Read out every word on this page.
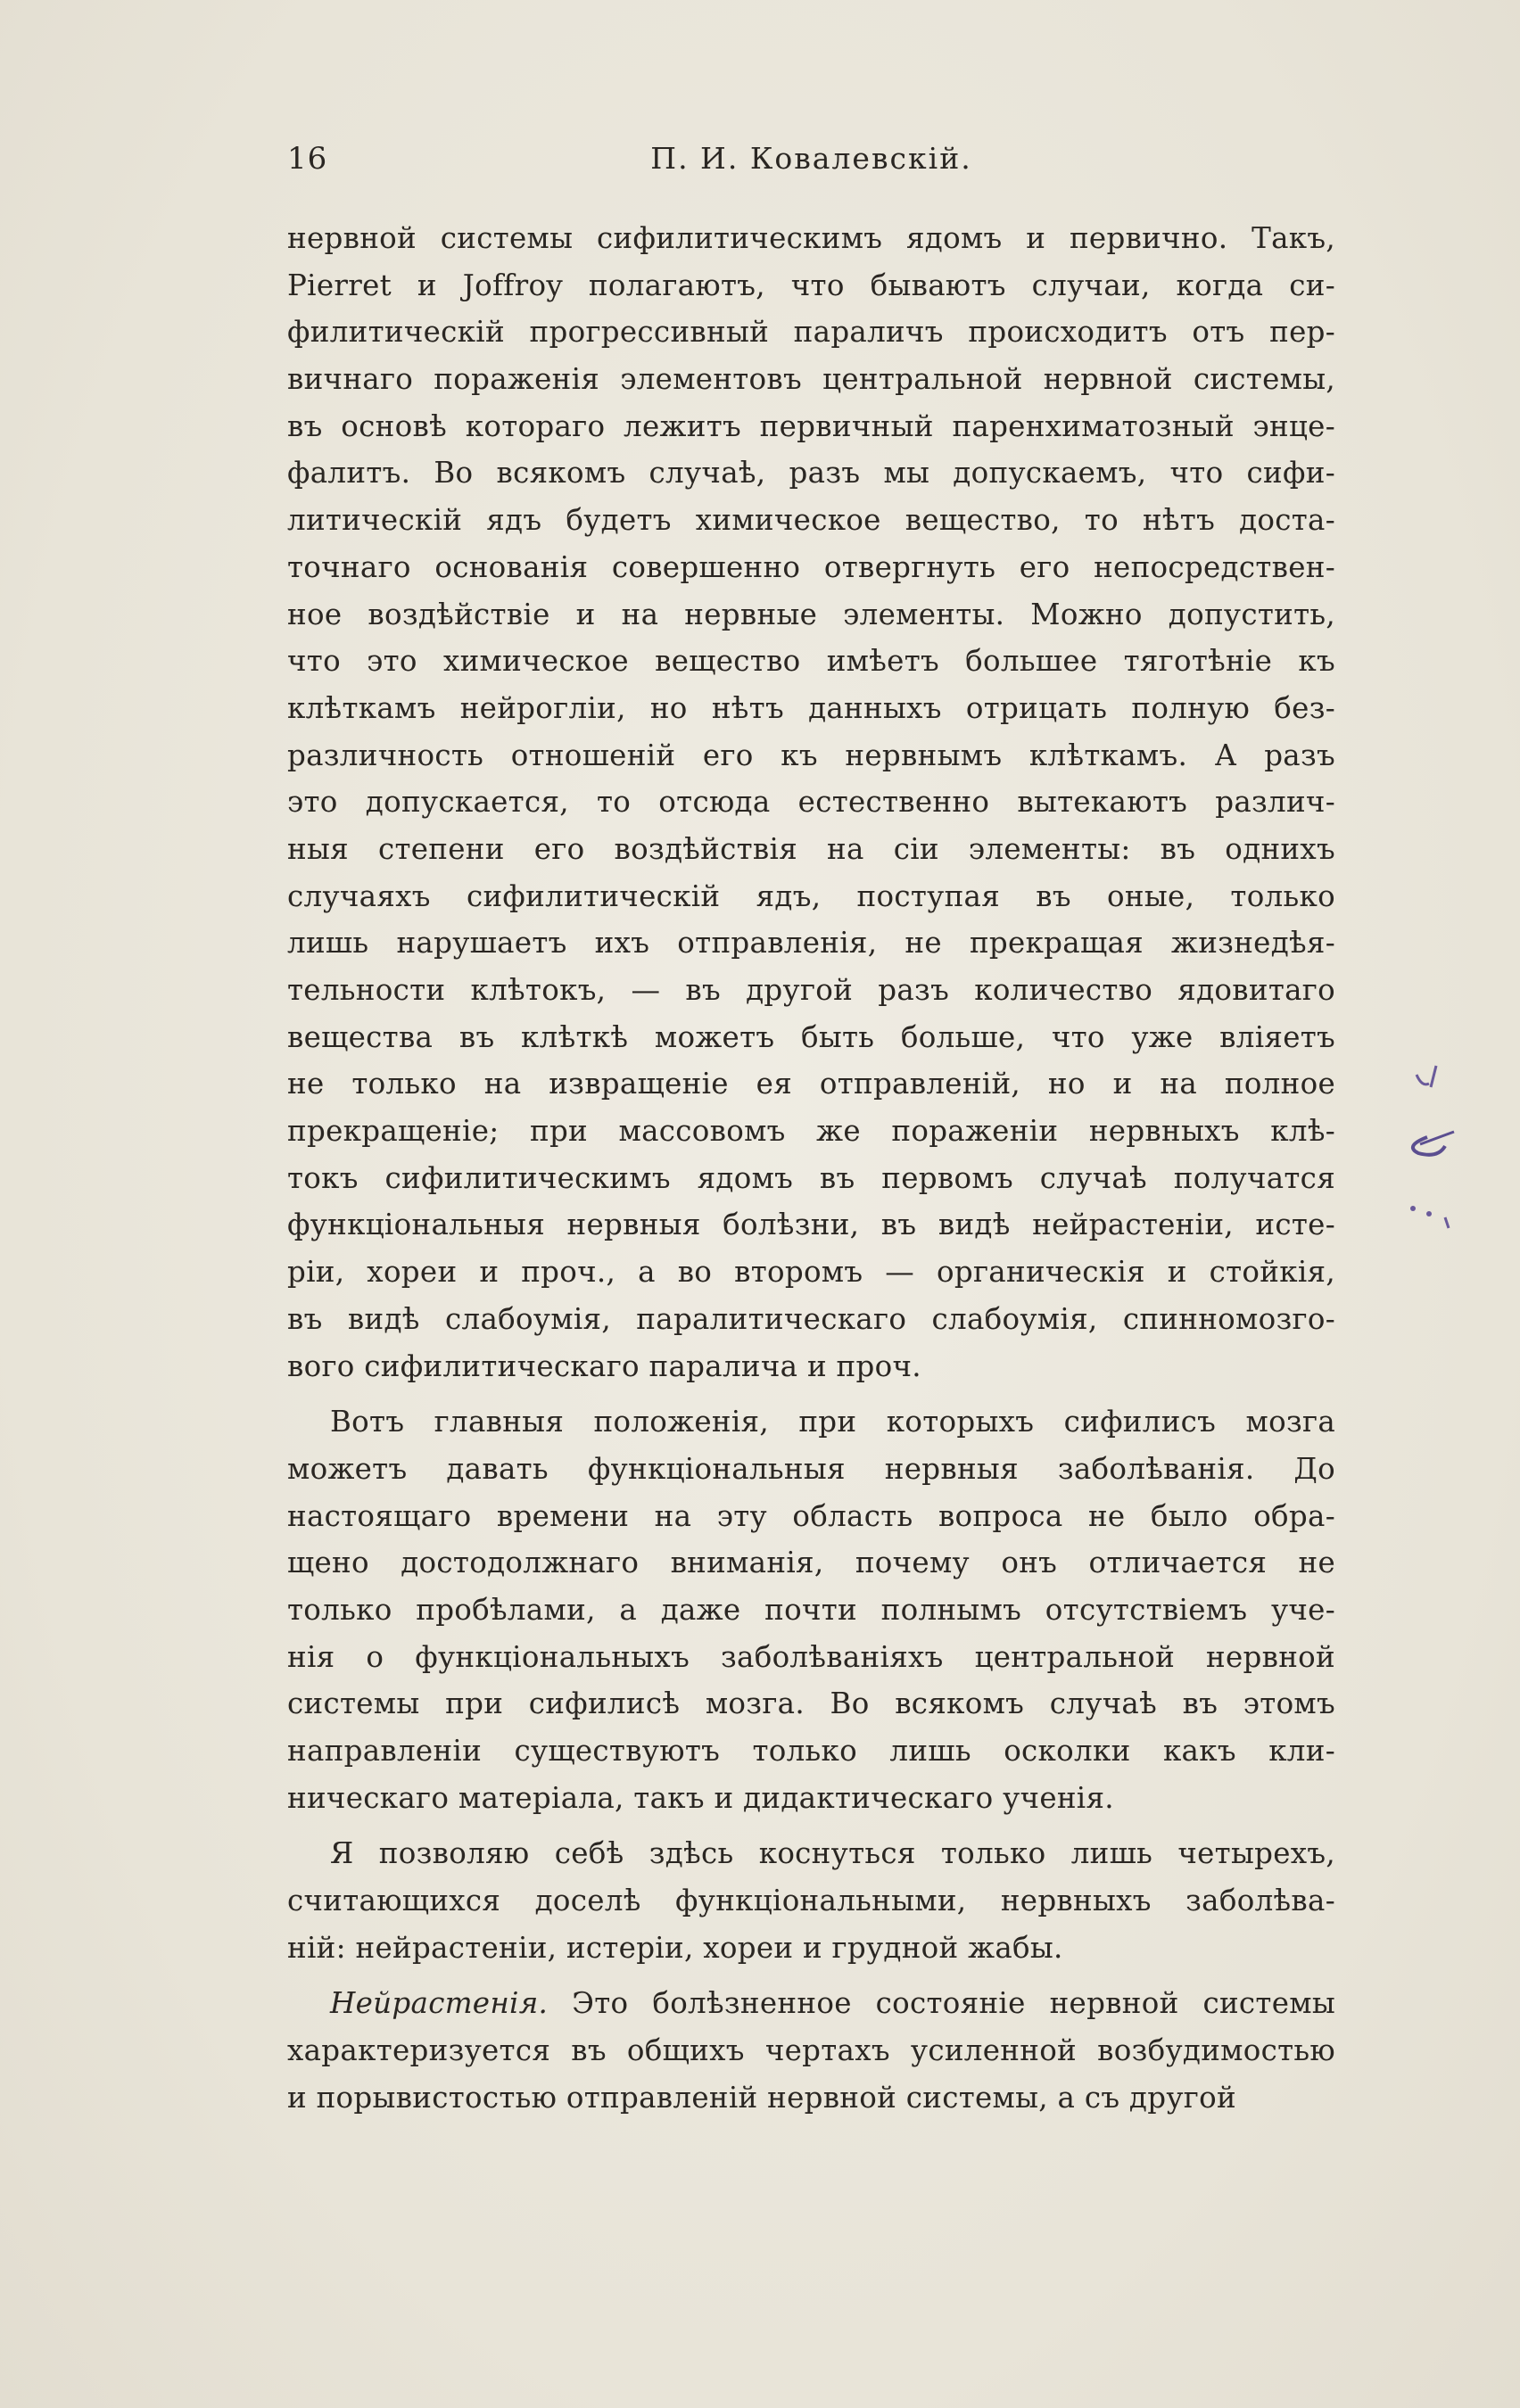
16	П. И. Ковалевскій.
нервной системы сифилитическимъ ядомъ и первично. Такъ,
Pierret и Joffroy полагаютъ, что бываютъ случаи, когда си-
филитическій прогрессивный параличъ происходитъ отъ пер-
вичнаго пораженія элементовъ центральной нервной системы,
въ основѣ котораго лежитъ первичный паренхиматозный энце-
фалитъ. Во всякомъ случаѣ, разъ мы допускаемъ, что сифи-
литическій ядъ будетъ химическое вещество, то нѣтъ доста-
точнаго основанія совершенно отвергнуть его непосредствен-
ное воздѣйствіе и на нервные элементы. Можно допустить,
что это химическое вещество имѣетъ большее тяготѣніе къ
клѣткамъ нейрогліи, но нѣтъ данныхъ отрицать полную без-
различность отношеній его къ нервнымъ клѣткамъ. А разъ
это допускается, то отсюда естественно вытекаютъ различ-
ныя степени его воздѣйствія на сіи элементы: въ однихъ
случаяхъ сифилитическій ядъ, поступая въ оные, только
лишь нарушаетъ ихъ отправленія, не прекращая жизнедѣя-
тельности клѣтокъ, — въ другой разъ количество ядовитаго
вещества въ клѣткѣ можетъ быть больше, что уже вліяетъ
не только на извращеніе ея отправленій, но и на полное
прекращеніе; при массовомъ же пораженіи нервныхъ клѣ-
токъ сифилитическимъ ядомъ въ первомъ случаѣ получатся
функціональныя нервныя болѣзни, въ видѣ нейрастеніи, исте-
ріи, хореи и проч., а во второмъ — органическія и стойкія,
въ видѣ слабоумія, паралитическаго слабоумія, спинномозго-
вого сифилитическаго паралича и проч.
Вотъ главныя положенія, при которыхъ сифилисъ мозга
можетъ давать функціональныя нервныя заболѣванія. До
настоящаго времени на эту область вопроса не было обра-
щено достодолжнаго вниманія, почему онъ отличается не
только пробѣлами, а даже почти полнымъ отсутствіемъ уче-
нія о функціональныхъ заболѣваніяхъ центральной нервной
системы при сифилисѣ мозга. Во всякомъ случаѣ въ этомъ
направленіи существуютъ только лишь осколки какъ кли-
ническаго матеріала, такъ и дидактическаго ученія.
Я позволяю себѣ здѣсь коснуться только лишь четырехъ,
считающихся доселѣ функціональными, нервныхъ заболѣва-
ній: нейрастеніи, истеріи, хореи и грудной жабы.
Нейрастенія. Это болѣзненное состояніе нервной системы
характеризуется въ общихъ чертахъ усиленной возбудимостью
и порывистостью отправленій нервной системы, а съ другой
